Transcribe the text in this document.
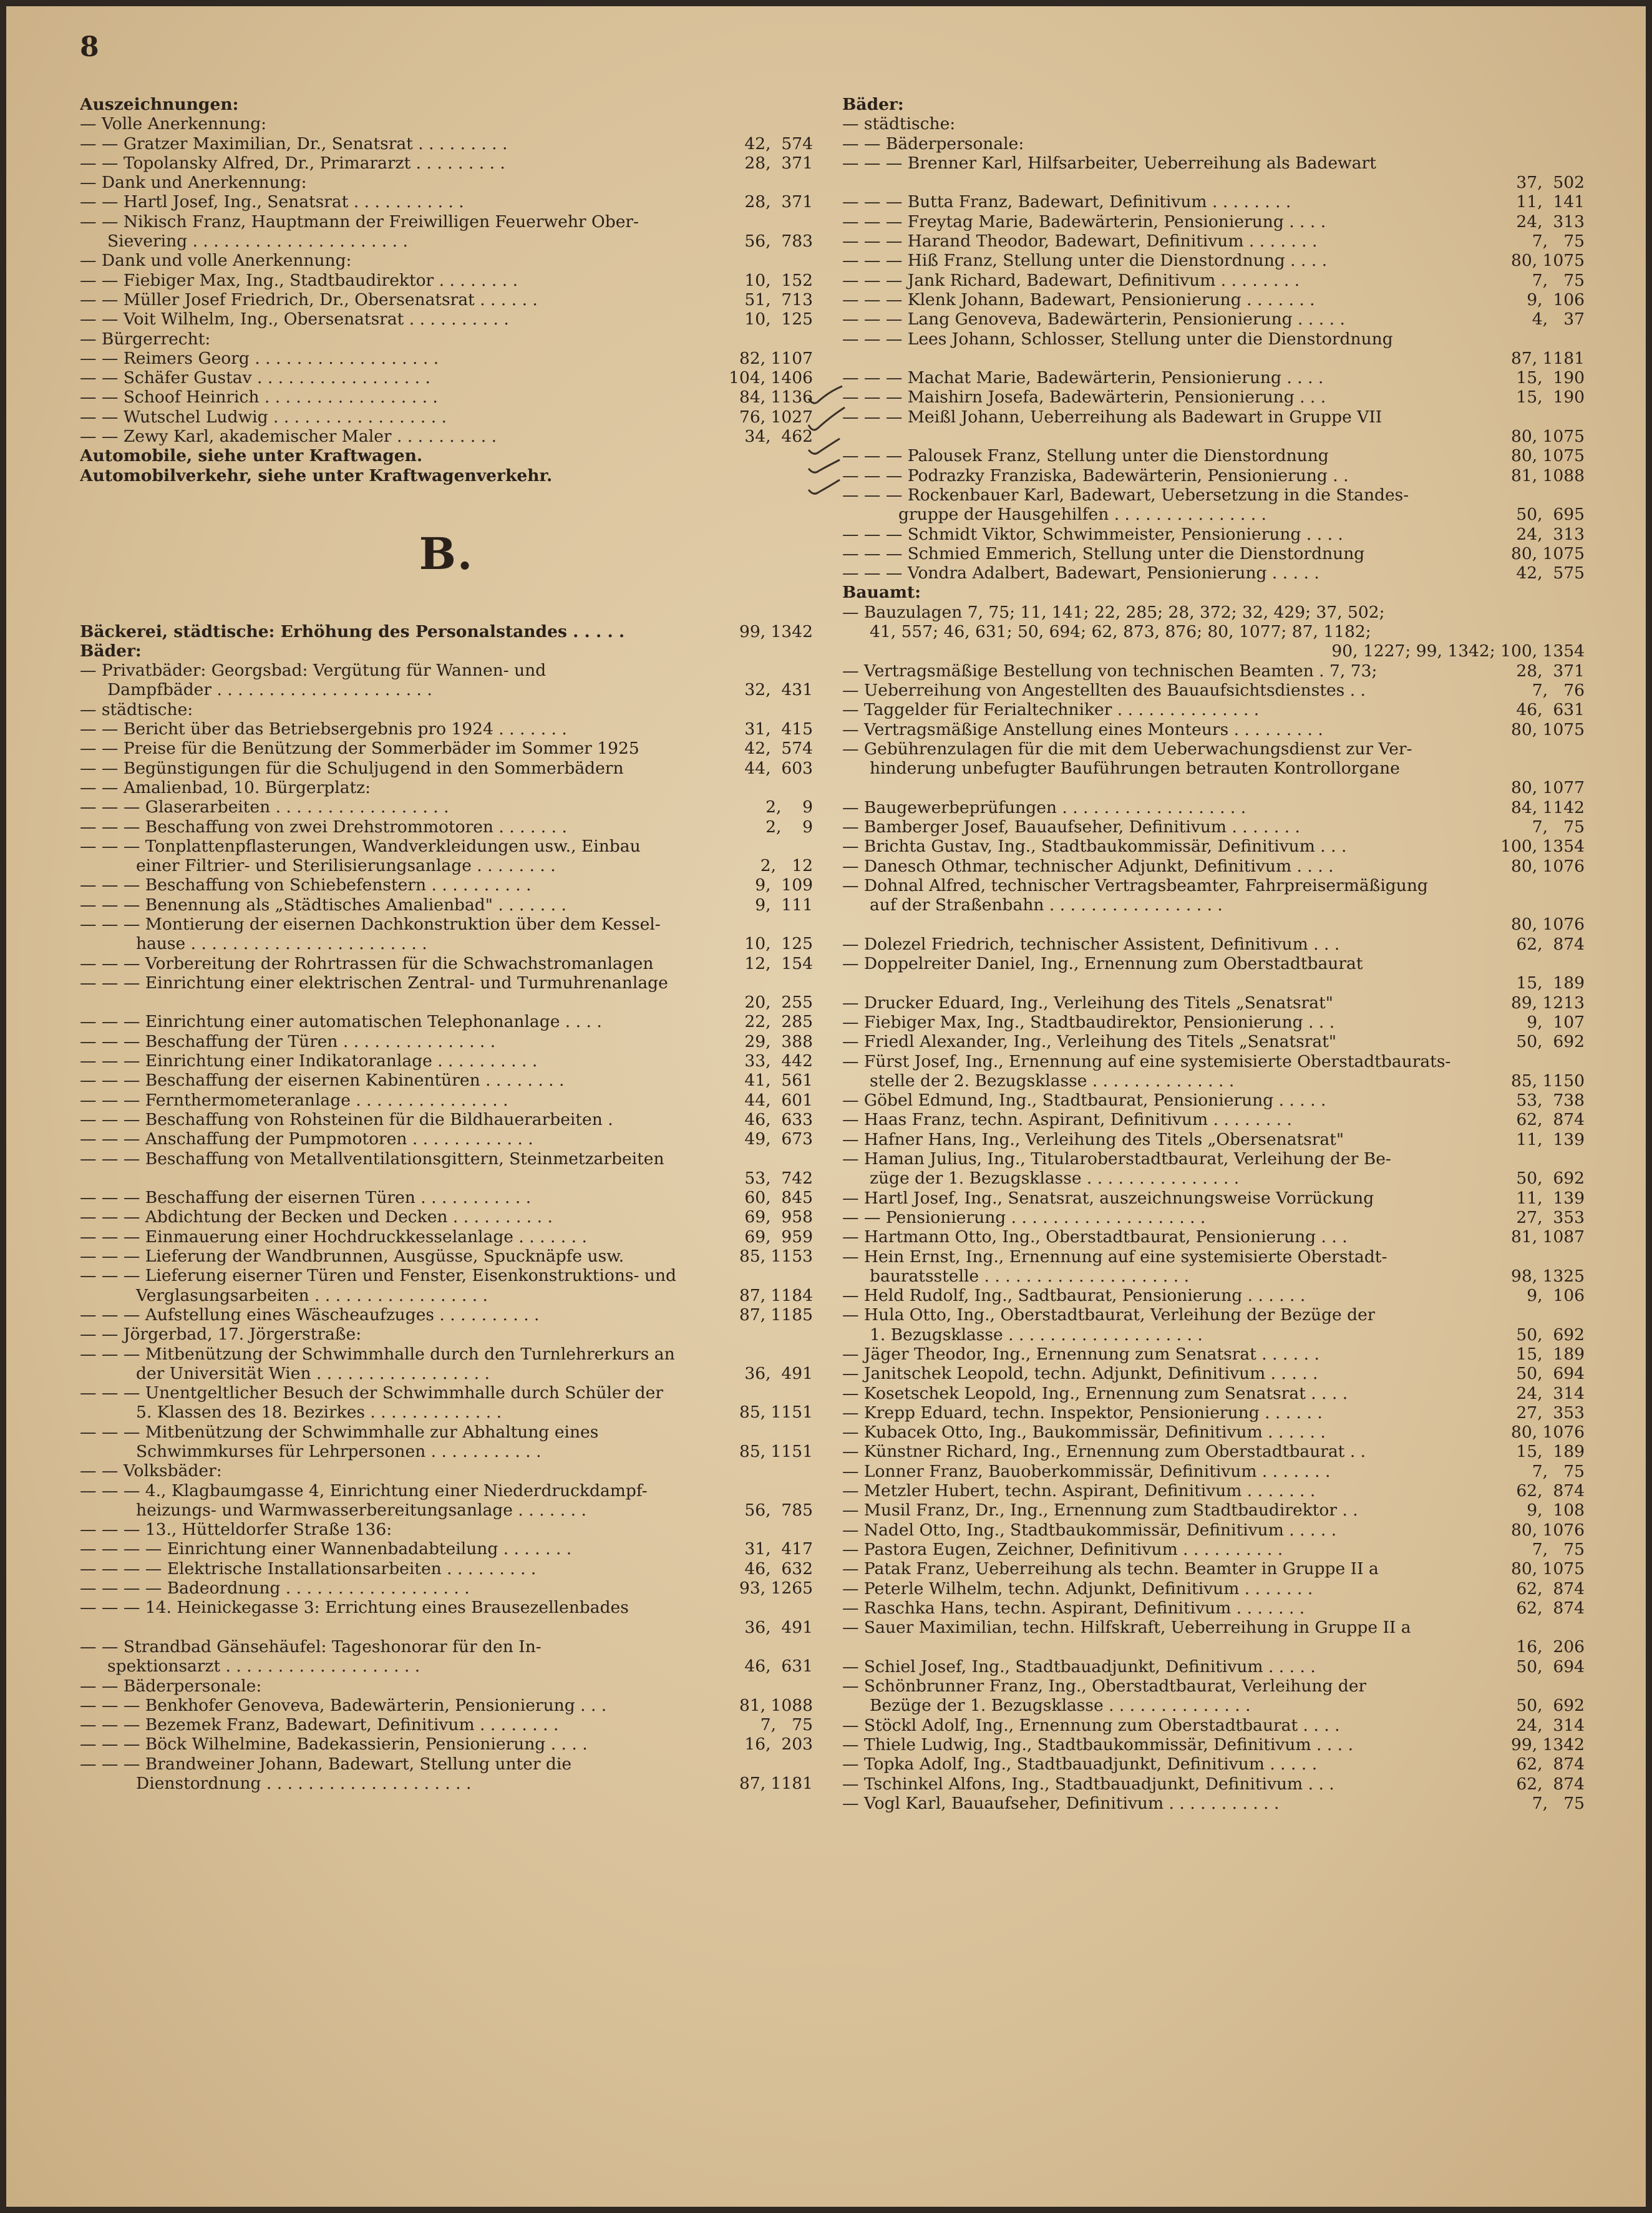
8
Auszeichnungen:
— Volle Anerkennung:
— — Gratzer Maximilian, Dr., Senatsrat . . . . . . . . .	42,  574
— — Topolansky Alfred, Dr., Primararzt . . . . . . . . .	28,  371
— Dank und Anerkennung:
— — Hartl Josef, Ing., Senatsrat . . . . . . . . . . .	28,  371
— — Nikisch Franz, Hauptmann der Freiwilligen Feuerwehr Ober-
Sievering . . . . . . . . . . . . . . . . . . . . .	56,  783
— Dank und volle Anerkennung:
— — Fiebiger Max, Ing., Stadtbaudirektor . . . . . . . .	10,  152
— — Müller Josef Friedrich, Dr., Obersenatsrat . . . . . .	51,  713
— — Voit Wilhelm, Ing., Obersenatsrat . . . . . . . . . .	10,  125
— Bürgerrecht:
— — Reimers Georg . . . . . . . . . . . . . . . . . .	82, 1107
— — Schäfer Gustav . . . . . . . . . . . . . . . . .	104, 1406
— — Schoof Heinrich . . . . . . . . . . . . . . . . .	84, 1136
— — Wutschel Ludwig . . . . . . . . . . . . . . . . .	76, 1027
— — Zewy Karl, akademischer Maler . . . . . . . . . .	34,  462
Automobile, siehe unter Kraftwagen.
Automobilverkehr, siehe unter Kraftwagenverkehr.
B.
Bäckerei, städtische: Erhöhung des Personalstandes . . . . .	99, 1342
Bäder:
— Privatbäder: Georgsbad: Vergütung für Wannen- und
Dampfbäder . . . . . . . . . . . . . . . . . . . . .	32,  431
— städtische:
— — Bericht über das Betriebsergebnis pro 1924 . . . . . . .	31,  415
— — Preise für die Benützung der Sommerbäder im Sommer 1925	42,  574
— — Begünstigungen für die Schuljugend in den Sommerbädern	44,  603
— — Amalienbad, 10. Bürgerplatz:
— — — Glaserarbeiten . . . . . . . . . . . . . . . . .	2,    9
— — — Beschaffung von zwei Drehstrommotoren . . . . . . .	2,    9
— — — Tonplattenpflasterungen, Wandverkleidungen usw., Einbau
einer Filtrier- und Sterilisierungsanlage . . . . . . . .	2,   12
— — — Beschaffung von Schiebefenstern . . . . . . . . . .	9,  109
— — — Benennung als „Städtisches Amalienbad" . . . . . . .	9,  111
— — — Montierung der eisernen Dachkonstruktion über dem Kessel-
hause . . . . . . . . . . . . . . . . . . . . . . .	10,  125
— — — Vorbereitung der Rohrtrassen für die Schwachstromanlagen	12,  154
— — — Einrichtung einer elektrischen Zentral- und Turmuhrenanlage
20,  255
— — — Einrichtung einer automatischen Telephonanlage . . . .	22,  285
— — — Beschaffung der Türen . . . . . . . . . . . . . . .	29,  388
— — — Einrichtung einer Indikatoranlage . . . . . . . . . .	33,  442
— — — Beschaffung der eisernen Kabinentüren . . . . . . . .	41,  561
— — — Fernthermometeranlage . . . . . . . . . . . . . . .	44,  601
— — — Beschaffung von Rohsteinen für die Bildhauerarbeiten .	46,  633
— — — Anschaffung der Pumpmotoren . . . . . . . . . . . .	49,  673
— — — Beschaffung von Metallventilationsgittern, Steinmetzarbeiten
53,  742
— — — Beschaffung der eisernen Türen . . . . . . . . . . .	60,  845
— — — Abdichtung der Becken und Decken . . . . . . . . . .	69,  958
— — — Einmauerung einer Hochdruckkesselanlage . . . . . . .	69,  959
— — — Lieferung der Wandbrunnen, Ausgüsse, Spucknäpfe usw.	85, 1153
— — — Lieferung eiserner Türen und Fenster, Eisenkonstruktions- und
Verglasungsarbeiten . . . . . . . . . . . . . . . . .	87, 1184
— — — Aufstellung eines Wäscheaufzuges . . . . . . . . . .	87, 1185
— — Jörgerbad, 17. Jörgerstraße:
— — — Mitbenützung der Schwimmhalle durch den Turnlehrerkurs an
der Universität Wien . . . . . . . . . . . . . . . . .	36,  491
— — — Unentgeltlicher Besuch der Schwimmhalle durch Schüler der
5. Klassen des 18. Bezirkes . . . . . . . . . . . . .	85, 1151
— — — Mitbenützung der Schwimmhalle zur Abhaltung eines
Schwimmkurses für Lehrpersonen . . . . . . . . . . .	85, 1151
— — Volksbäder:
— — — 4., Klagbaumgasse 4, Einrichtung einer Niederdruckdampf-
heizungs- und Warmwasserbereitungsanlage . . . . . . .	56,  785
— — — 13., Hütteldorfer Straße 136:
— — — — Einrichtung einer Wannenbadabteilung . . . . . . .	31,  417
— — — — Elektrische Installationsarbeiten . . . . . . . . .	46,  632
— — — — Badeordnung . . . . . . . . . . . . . . . . . .	93, 1265
— — — 14. Heinickegasse 3: Errichtung eines Brausezellenbades
36,  491
— — Strandbad Gänsehäufel: Tageshonorar für den In-
spektionsarzt . . . . . . . . . . . . . . . . . . .	46,  631
— — Bäderpersonale:
— — — Benkhofer Genoveva, Badewärterin, Pensionierung . . .	81, 1088
— — — Bezemek Franz, Badewart, Definitivum . . . . . . . .	7,   75
— — — Böck Wilhelmine, Badekassierin, Pensionierung . . . .	16,  203
— — — Brandweiner Johann, Badewart, Stellung unter die
Dienstordnung . . . . . . . . . . . . . . . . . . . .	87, 1181
Bäder:
— städtische:
— — Bäderpersonale:
— — — Brenner Karl, Hilfsarbeiter, Ueberreihung als Badewart
37,  502
— — — Butta Franz, Badewart, Definitivum . . . . . . . .	11,  141
— — — Freytag Marie, Badewärterin, Pensionierung . . . .	24,  313
— — — Harand Theodor, Badewart, Definitivum . . . . . . .	7,   75
— — — Hiß Franz, Stellung unter die Dienstordnung . . . .	80, 1075
— — — Jank Richard, Badewart, Definitivum . . . . . . . .	7,   75
— — — Klenk Johann, Badewart, Pensionierung . . . . . . .	9,  106
— — — Lang Genoveva, Badewärterin, Pensionierung . . . . .	4,   37
— — — Lees Johann, Schlosser, Stellung unter die Dienstordnung
87, 1181
— — — Machat Marie, Badewärterin, Pensionierung . . . .	15,  190
— — — Maishirn Josefa, Badewärterin, Pensionierung . . .	15,  190
— — — Meißl Johann, Ueberreihung als Badewart in Gruppe VII
80, 1075
— — — Palousek Franz, Stellung unter die Dienstordnung	80, 1075
— — — Podrazky Franziska, Badewärterin, Pensionierung . .	81, 1088
— — — Rockenbauer Karl, Badewart, Uebersetzung in die Standes-
gruppe der Hausgehilfen . . . . . . . . . . . . . . .	50,  695
— — — Schmidt Viktor, Schwimmeister, Pensionierung . . . .	24,  313
— — — Schmied Emmerich, Stellung unter die Dienstordnung	80, 1075
— — — Vondra Adalbert, Badewart, Pensionierung . . . . .	42,  575
Bauamt:
— Bauzulagen 7, 75; 11, 141; 22, 285; 28, 372; 32, 429; 37, 502;
41, 557; 46, 631; 50, 694; 62, 873, 876; 80, 1077; 87, 1182;
90, 1227; 99, 1342; 100, 1354
— Vertragsmäßige Bestellung von technischen Beamten . 7, 73;	28,  371
— Ueberreihung von Angestellten des Bauaufsichtsdienstes . .	7,   76
— Taggelder für Ferialtechniker . . . . . . . . . . . . . .	46,  631
— Vertragsmäßige Anstellung eines Monteurs . . . . . . . . .	80, 1075
— Gebührenzulagen für die mit dem Ueberwachungsdienst zur Ver-
hinderung unbefugter Bauführungen betrauten Kontrollorgane
80, 1077
— Baugewerbeprüfungen . . . . . . . . . . . . . . . . . .	84, 1142
— Bamberger Josef, Bauaufseher, Definitivum . . . . . . .	7,   75
— Brichta Gustav, Ing., Stadtbaukommissär, Definitivum . . .	100, 1354
— Danesch Othmar, technischer Adjunkt, Definitivum . . . .	80, 1076
— Dohnal Alfred, technischer Vertragsbeamter, Fahrpreisermäßigung
auf der Straßenbahn . . . . . . . . . . . . . . . . .
80, 1076
— Dolezel Friedrich, technischer Assistent, Definitivum . . .	62,  874
— Doppelreiter Daniel, Ing., Ernennung zum Oberstadtbaurat
15,  189
— Drucker Eduard, Ing., Verleihung des Titels „Senatsrat"	89, 1213
— Fiebiger Max, Ing., Stadtbaudirektor, Pensionierung . . .	9,  107
— Friedl Alexander, Ing., Verleihung des Titels „Senatsrat"	50,  692
— Fürst Josef, Ing., Ernennung auf eine systemisierte Oberstadtbaurats-
stelle der 2. Bezugsklasse . . . . . . . . . . . . . .	85, 1150
— Göbel Edmund, Ing., Stadtbaurat, Pensionierung . . . . .	53,  738
— Haas Franz, techn. Aspirant, Definitivum . . . . . . . .	62,  874
— Hafner Hans, Ing., Verleihung des Titels „Obersenatsrat"	11,  139
— Haman Julius, Ing., Titularoberstadtbaurat, Verleihung der Be-
züge der 1. Bezugsklasse . . . . . . . . . . . . . . .	50,  692
— Hartl Josef, Ing., Senatsrat, auszeichnungsweise Vorrückung	11,  139
— — Pensionierung . . . . . . . . . . . . . . . . . . .	27,  353
— Hartmann Otto, Ing., Oberstadtbaurat, Pensionierung . . .	81, 1087
— Hein Ernst, Ing., Ernennung auf eine systemisierte Oberstadt-
bauratsstelle . . . . . . . . . . . . . . . . . . . .	98, 1325
— Held Rudolf, Ing., Sadtbaurat, Pensionierung . . . . . .	9,  106
— Hula Otto, Ing., Oberstadtbaurat, Verleihung der Bezüge der
1. Bezugsklasse . . . . . . . . . . . . . . . . . . .	50,  692
— Jäger Theodor, Ing., Ernennung zum Senatsrat . . . . . .	15,  189
— Janitschek Leopold, techn. Adjunkt, Definitivum . . . . .	50,  694
— Kosetschek Leopold, Ing., Ernennung zum Senatsrat . . . .	24,  314
— Krepp Eduard, techn. Inspektor, Pensionierung . . . . . .	27,  353
— Kubacek Otto, Ing., Baukommissär, Definitivum . . . . . .	80, 1076
— Künstner Richard, Ing., Ernennung zum Oberstadtbaurat . .	15,  189
— Lonner Franz, Bauoberkommissär, Definitivum . . . . . . .	7,   75
— Metzler Hubert, techn. Aspirant, Definitivum . . . . . . .	62,  874
— Musil Franz, Dr., Ing., Ernennung zum Stadtbaudirektor . .	9,  108
— Nadel Otto, Ing., Stadtbaukommissär, Definitivum . . . . .	80, 1076
— Pastora Eugen, Zeichner, Definitivum . . . . . . . . . .	7,   75
— Patak Franz, Ueberreihung als techn. Beamter in Gruppe II a	80, 1075
— Peterle Wilhelm, techn. Adjunkt, Definitivum . . . . . . .	62,  874
— Raschka Hans, techn. Aspirant, Definitivum . . . . . . .	62,  874
— Sauer Maximilian, techn. Hilfskraft, Ueberreihung in Gruppe II a
16,  206
— Schiel Josef, Ing., Stadtbauadjunkt, Definitivum . . . . .	50,  694
— Schönbrunner Franz, Ing., Oberstadtbaurat, Verleihung der
Bezüge der 1. Bezugsklasse . . . . . . . . . . . . . .	50,  692
— Stöckl Adolf, Ing., Ernennung zum Oberstadtbaurat . . . .	24,  314
— Thiele Ludwig, Ing., Stadtbaukommissär, Definitivum . . . .	99, 1342
— Topka Adolf, Ing., Stadtbauadjunkt, Definitivum . . . . .	62,  874
— Tschinkel Alfons, Ing., Stadtbauadjunkt, Definitivum . . .	62,  874
— Vogl Karl, Bauaufseher, Definitivum . . . . . . . . . . .	7,   75
